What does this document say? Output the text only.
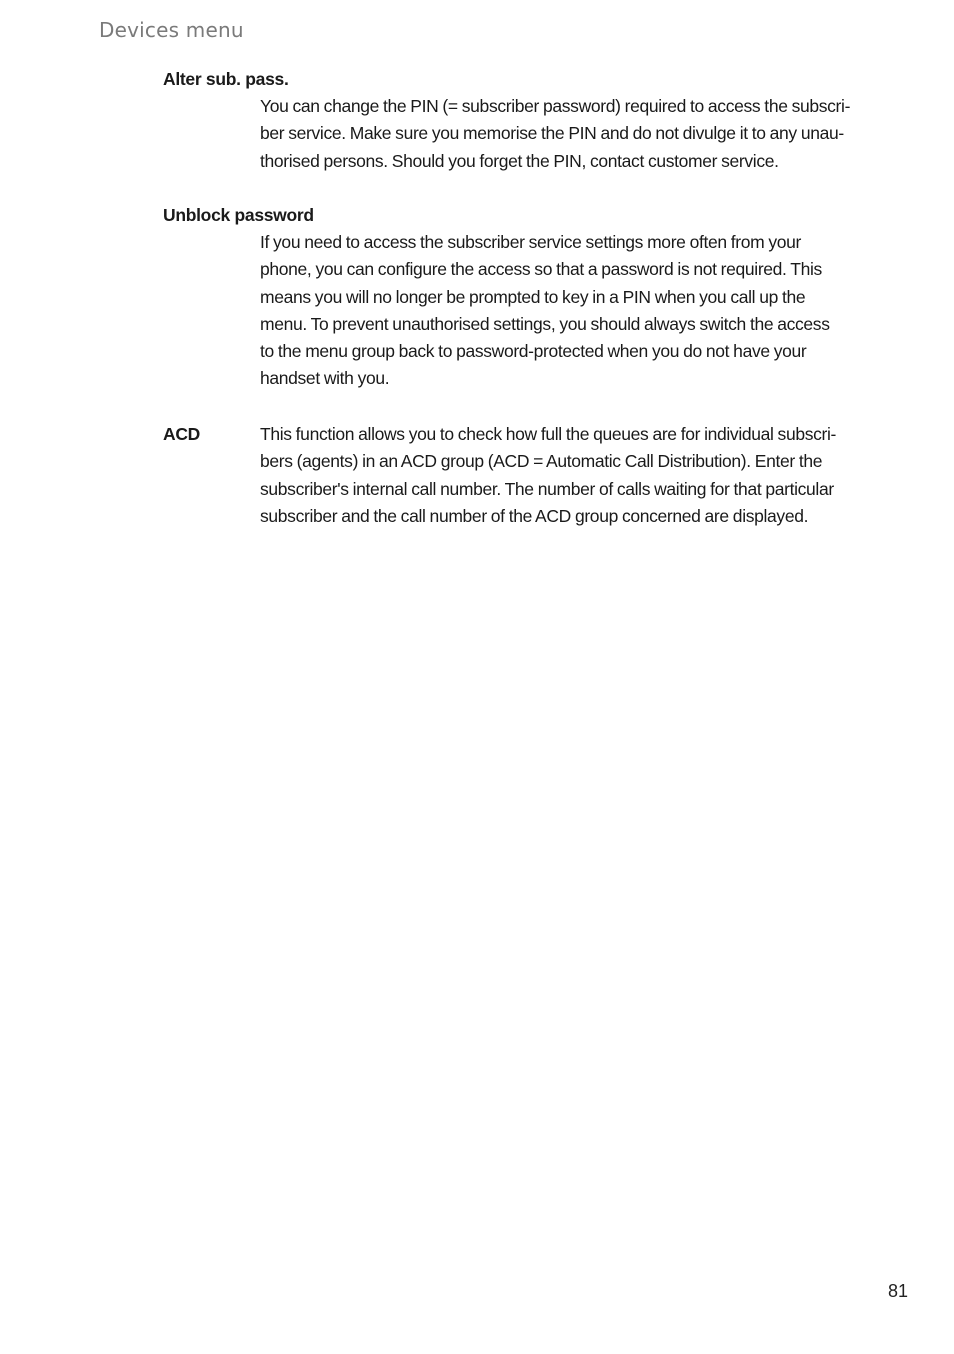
Devices menu
Alter sub. pass.
You can change the PIN (= subscriber password) required to access the subscri-
ber service. Make sure you memorise the PIN and do not divulge it to any unau-
thorised persons. Should you forget the PIN, contact customer service.
Unblock password
If you need to access the subscriber service settings more often from your
phone, you can configure the access so that a password is not required. This
means you will no longer be prompted to key in a PIN when you call up the
menu. To prevent unauthorised settings, you should always switch the access
to the menu group back to password-protected when you do not have your
handset with you.
ACD	This function allows you to check how full the queues are for individual subscri-
bers (agents) in an ACD group (ACD = Automatic Call Distribution). Enter the
subscriber's internal call number. The number of calls waiting for that particular
subscriber and the call number of the ACD group concerned are displayed.
81
